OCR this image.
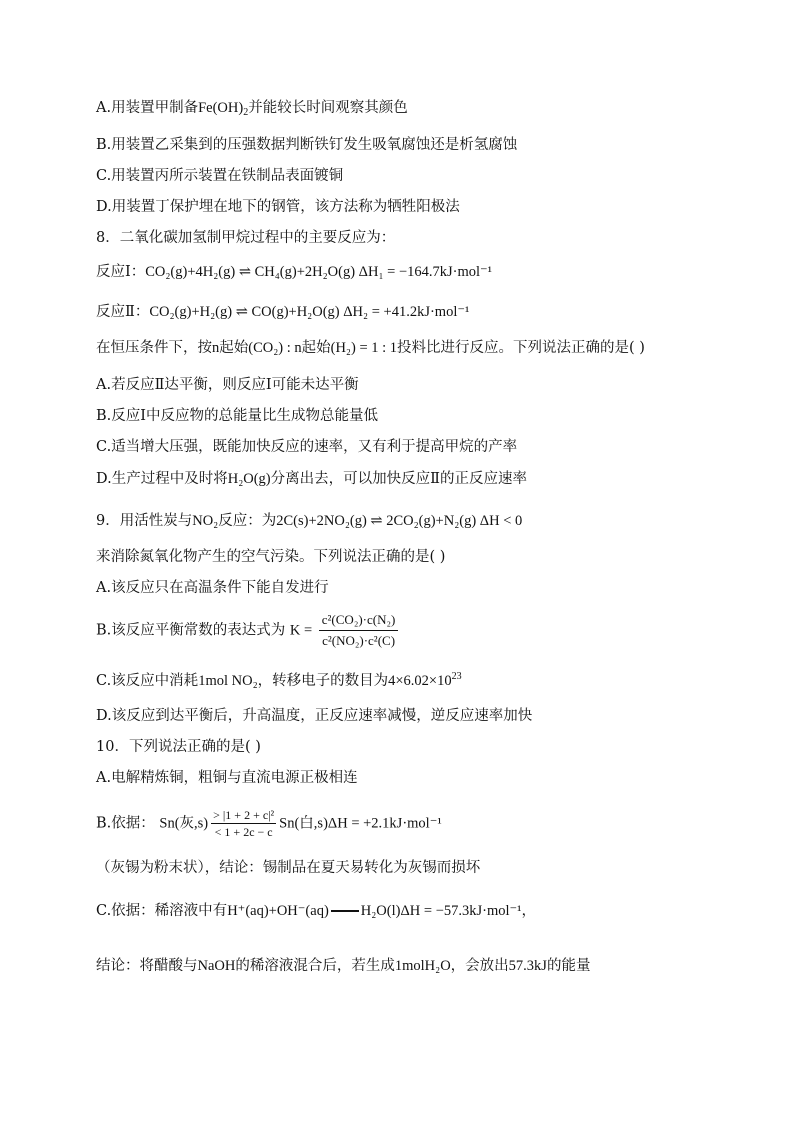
A.用装置甲制备$Fe(OH)_2$并能较长时间观察其颜色
B.用装置乙采集到的压强数据判断铁钉发生吸氧腐蚀还是析氢腐蚀
C.用装置丙所示装置在铁制品表面镀铜
D.用装置丁保护埋在地下的钢管，该方法称为牺牲阳极法
8．二氧化碳加氢制甲烷过程中的主要反应为：
反应Ⅰ：CO₂(g)+4H₂(g) ⇌ CH₄(g)+2H₂O(g) ΔH₁ = −164.7kJ·mol⁻¹
反应Ⅱ：CO₂(g)+H₂(g) ⇌ CO(g)+H₂O(g) ΔH₂ = +41.2kJ·mol⁻¹
在恒压条件下，按n起始(CO₂) : n起始(H₂) = 1 : 1投料比进行反应。下列说法正确的是( )
A.若反应Ⅱ达平衡，则反应Ⅰ可能未达平衡
B.反应Ⅰ中反应物的总能量比生成物总能量低
C.适当增大压强，既能加快反应的速率，又有利于提高甲烷的产率
D.生产过程中及时将H₂O(g)分离出去，可以加快反应Ⅱ的正反应速率
9．用活性炭与NO₂反应：为2C(s)+2NO₂(g) ⇌ 2CO₂(g)+N₂(g) ΔH < 0
来消除氮氧化物产生的空气污染。下列说法正确的是( )
A.该反应只在高温条件下能自发进行
B.该反应平衡常数的表达式为 $K = \frac{\text{c²(CO₂)·c(N₂)}}{\text{c²(NO₂)·c²(C)}}$
C.该反应中消耗1mol NO₂，转移电子的数目为$4\times 6.02\times 10^{23}$
D.该反应到达平衡后，升高温度，正反应速率减慢，逆反应速率加快
10．下列说法正确的是( )
A.电解精炼铜，粗铜与直流电源正极相连
B.依据： Sn(灰$,s) \frac{\text{> |1 + 2 + c|²}}{< 1 + 2c - c} Sn$(白,s)ΔH = +2.1kJ·mol⁻¹
（灰锡为粉末状），结论：锡制品在夏天易转化为灰锡而损坏
C.依据：稀溶液中有H⁺(aq)+OH⁻(aq) H₂O(l)ΔH = −57.3kJ·mol⁻¹，
结论：将醋酸与NaOH的稀溶液混合后，若生成1molH₂O，会放出57.3kJ的能量
